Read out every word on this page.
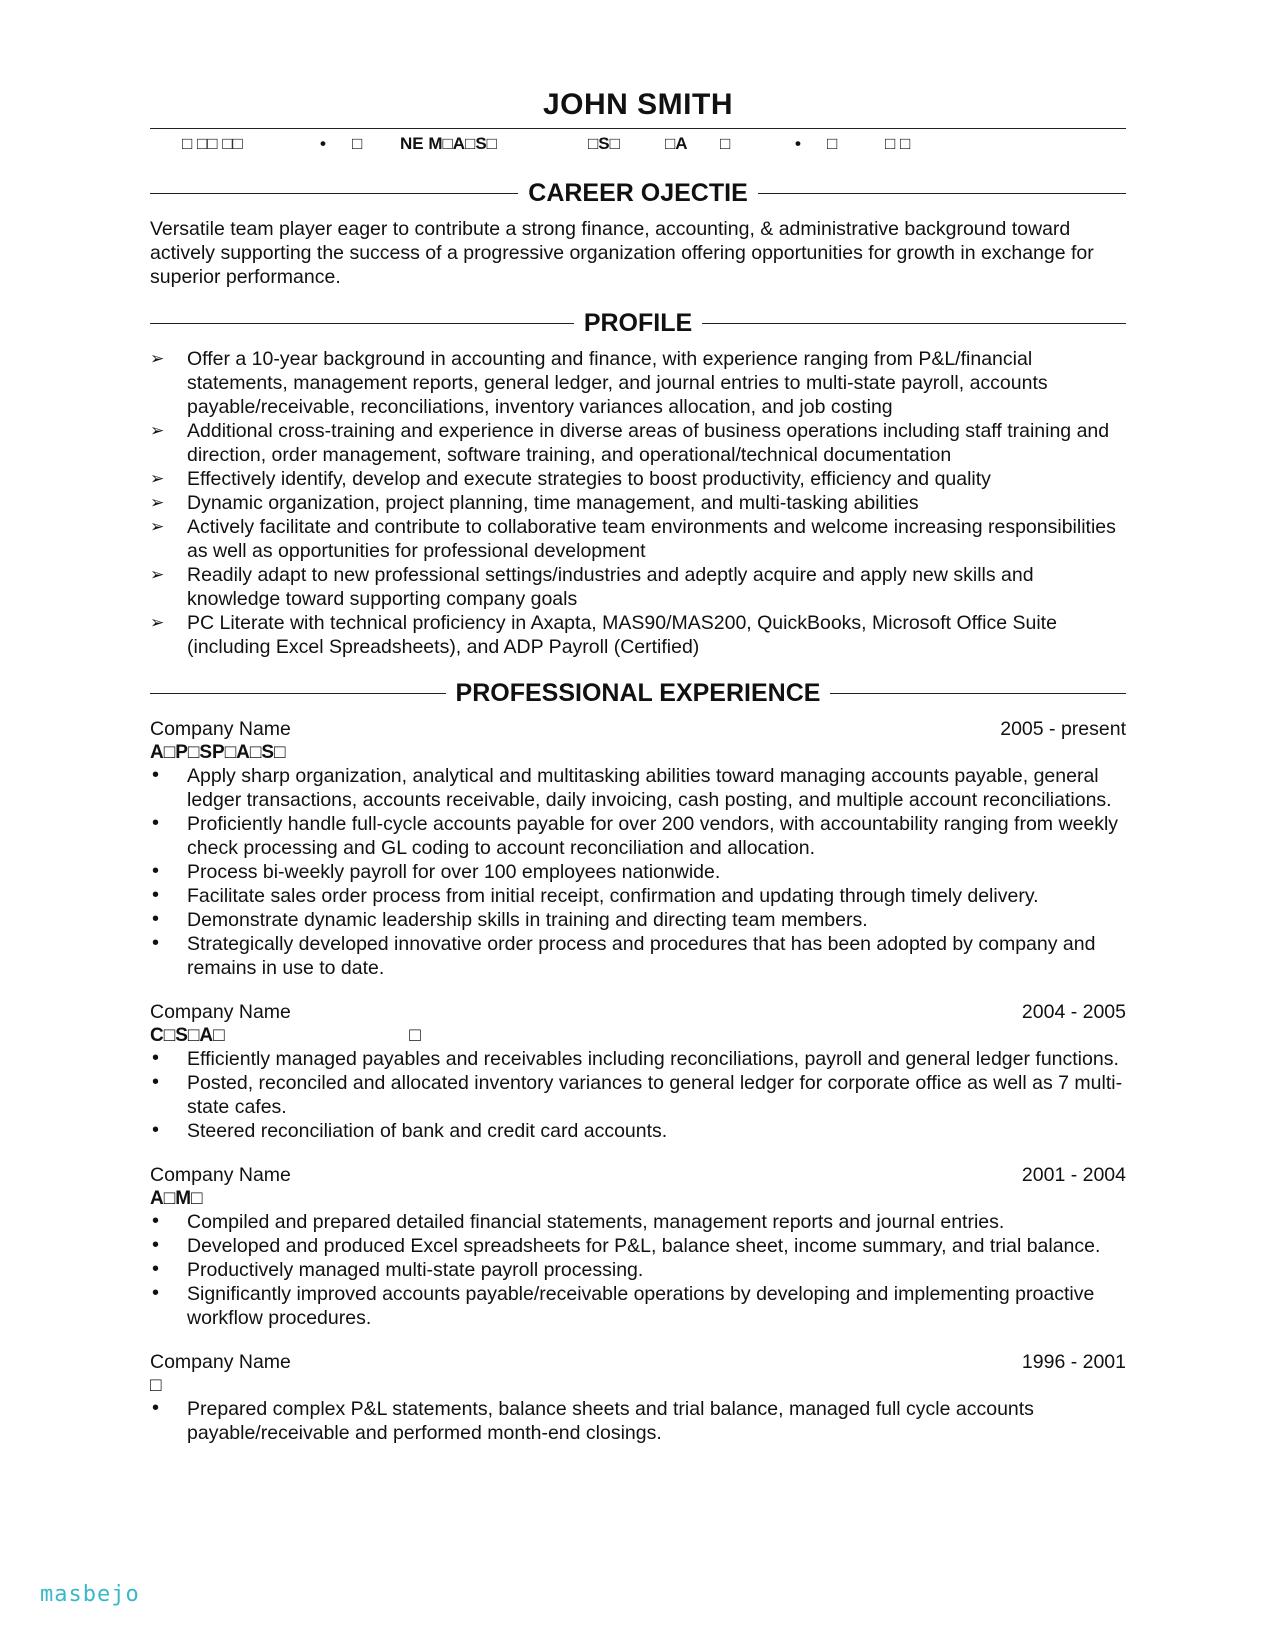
JOHN SMITH
□ □□ □□	• □ NE M□A□S□	□S□	□A □	• □	□ □
CAREER OJECTIE

Versatile team player eager to contribute a strong finance, accounting, & administrative background toward actively supporting the success of a progressive organization offering opportunities for growth in exchange for superior performance.

PROFILE
➢ Offer a 10-year background in accounting and finance, with experience ranging from P&L/financial statements, management reports, general ledger, and journal entries to multi-state payroll, accounts payable/receivable, reconciliations, inventory variances allocation, and job costing
➢ Additional cross-training and experience in diverse areas of business operations including staff training and direction, order management, software training, and operational/technical documentation
➢ Effectively identify, develop and execute strategies to boost productivity, efficiency and quality
➢ Dynamic organization, project planning, time management, and multi-tasking abilities
➢ Actively facilitate and contribute to collaborative team environments and welcome increasing responsibilities as well as opportunities for professional development
➢ Readily adapt to new professional settings/industries and adeptly acquire and apply new skills and knowledge toward supporting company goals
➢ PC Literate with technical proficiency in Axapta, MAS90/MAS200, QuickBooks, Microsoft Office Suite (including Excel Spreadsheets), and ADP Payroll (Certified)
PROFESSIONAL EXPERIENCE
Company Name	2005 - present
A□P□SP□A□S□
• Apply sharp organization, analytical and multitasking abilities toward managing accounts payable, general ledger transactions, accounts receivable, daily invoicing, cash posting, and multiple account reconciliations.
• Proficiently handle full-cycle accounts payable for over 200 vendors, with accountability ranging from weekly check processing and GL coding to account reconciliation and allocation.
• Process bi-weekly payroll for over 100 employees nationwide.
• Facilitate sales order process from initial receipt, confirmation and updating through timely delivery.
• Demonstrate dynamic leadership skills in training and directing team members.
• Strategically developed innovative order process and procedures that has been adopted by company and remains in use to date.
Company Name	2004 - 2005
C□S□A□                                   □
• Efficiently managed payables and receivables including reconciliations, payroll and general ledger functions.
• Posted, reconciled and allocated inventory variances to general ledger for corporate office as well as 7 multi-state cafes.
• Steered reconciliation of bank and credit card accounts.
Company Name	2001 - 2004
A□M□
• Compiled and prepared detailed financial statements, management reports and journal entries.
• Developed and produced Excel spreadsheets for P&L, balance sheet, income summary, and trial balance.
• Productively managed multi-state payroll processing.
• Significantly improved accounts payable/receivable operations by developing and implementing proactive workflow procedures.
Company Name	1996 - 2001
□
• Prepared complex P&L statements, balance sheets and trial balance, managed full cycle accounts payable/receivable and performed month-end closings.
masbejo
